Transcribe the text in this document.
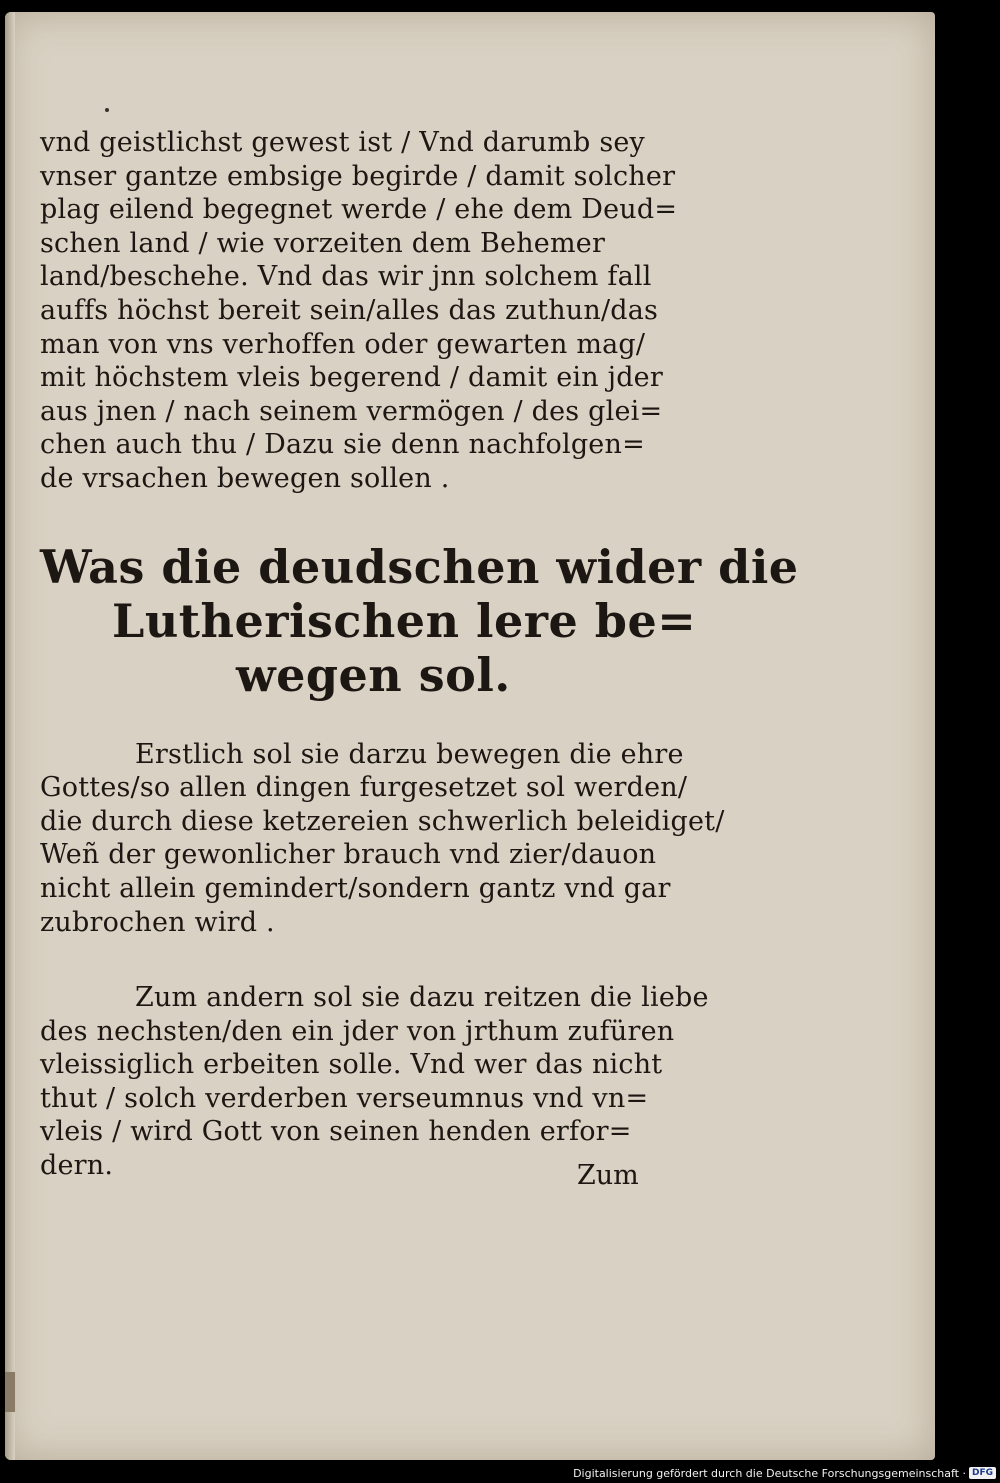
vnd geistlichst gewest ist / Vnd darumb sey
vnser gantze embsige begirde / damit solcher
plag eilend begegnet werde / ehe dem Deud=
schen land / wie vorzeiten dem Behemer
land/beschehe. Vnd das wir jnn solchem fall
auffs höchst bereit sein/alles das zuthun/das
man von vns verhoffen oder gewarten mag/
mit höchstem vleis begerend / damit ein jder
aus jnen / nach seinem vermögen / des glei=
chen auch thu / Dazu sie denn nachfolgen=
de vrsachen bewegen sollen .
Was die deudschen wider die
Lutherischen lere be=
wegen sol.
Erstlich sol sie darzu bewegen die ehre
Gottes/so allen dingen furgesetzet sol werden/
die durch diese ketzereien schwerlich beleidiget/
Weñ der gewonlicher brauch vnd zier/dauon
nicht allein gemindert/sondern gantz vnd gar
zubrochen wird .
Zum andern sol sie dazu reitzen die liebe
des nechsten/den ein jder von jrthum zufüren
vleissiglich erbeiten solle. Vnd wer das nicht
thut / solch verderben verseumnus vnd vn=
vleis / wird Gott von seinen henden erfor=
dern.	Zum
Digitalisierung gefördert durch die Deutsche Forschungsgemeinschaft · DFG
